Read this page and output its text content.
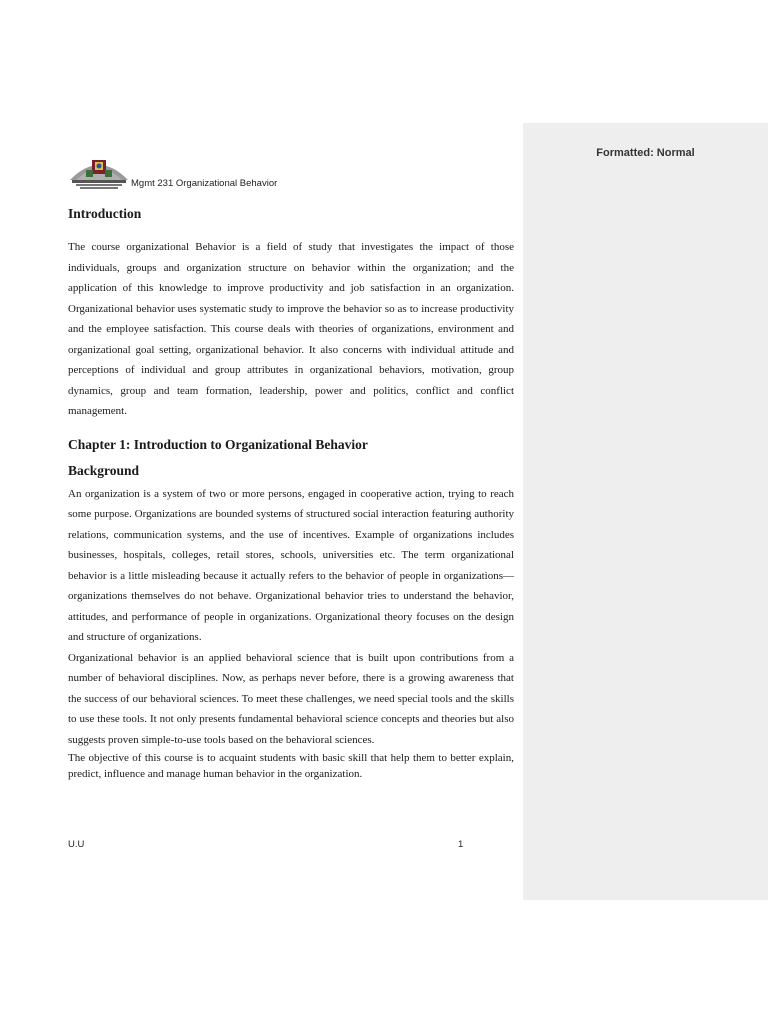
Formatted: Normal
Mgmt 231 Organizational Behavior
Introduction

The course organizational Behavior is a field of study that investigates the impact of those individuals, groups and organization structure on behavior within the organization; and the application of this knowledge to improve productivity and job satisfaction in an organization. Organizational behavior uses systematic study to improve the behavior so as to increase productivity and the employee satisfaction. This course deals with theories of organizations, environment and organizational goal setting, organizational behavior. It also concerns with individual attitude and perceptions of individual and group attributes in organizational behaviors, motivation, group dynamics, group and team formation, leadership, power and politics, conflict and conflict management.

Chapter 1: Introduction to Organizational Behavior
Background

An organization is a system of two or more persons, engaged in cooperative action, trying to reach some purpose. Organizations are bounded systems of structured social interaction featuring authority relations, communication systems, and the use of incentives. Example of organizations includes businesses, hospitals, colleges, retail stores, schools, universities etc. The term organizational behavior is a little misleading because it actually refers to the behavior of people in organizations—organizations themselves do not behave. Organizational behavior tries to understand the behavior, attitudes, and performance of people in organizations. Organizational theory focuses on the design and structure of organizations.

Organizational behavior is an applied behavioral science that is built upon contributions from a number of behavioral disciplines. Now, as perhaps never before, there is a growing awareness that the success of our behavioral sciences. To meet these challenges, we need special tools and the skills to use these tools. It not only presents fundamental behavioral science concepts and theories but also suggests proven simple-to-use tools based on the behavioral sciences.

The objective of this course is to acquaint students with basic skill that help them to better explain, predict, influence and manage human behavior in the organization.

U.U	1
